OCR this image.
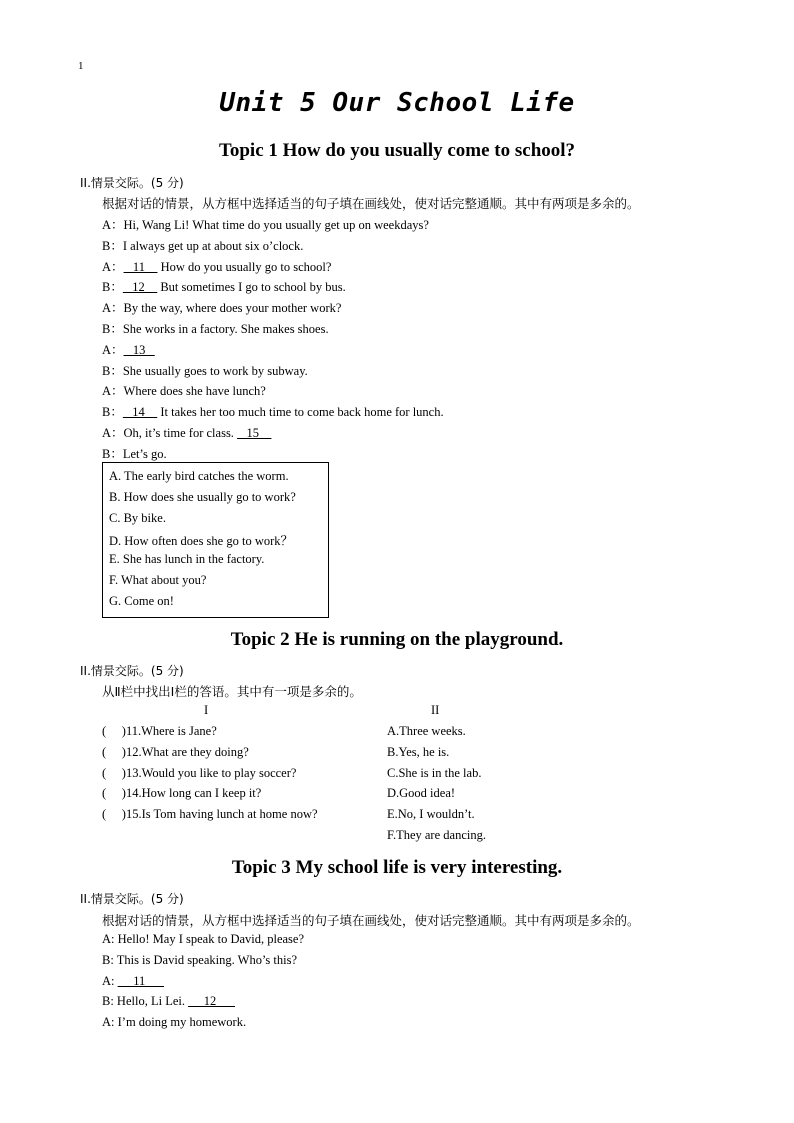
1
Unit 5 Our School Life
Topic 1 How do you usually come to school?
II.情景交际。(5 分)
根据对话的情景，从方框中选择适当的句子填在画线处，使对话完整通顺。其中有两项是多余的。
A：Hi, Wang Li! What time do you usually get up on weekdays?
B：I always get up at about six o’clock.
A：   11     How do you usually go to school?
B：   12     But sometimes I go to school by bus.
A：By the way, where does your mother work?
B：She works in a factory. She makes shoes.
A：   13
B：She usually goes to work by subway.
A：Where does she have lunch?
B：   14     It takes her too much time to come back home for lunch.
A：Oh, it’s time for class.    15
B：Let’s go.
A. The early bird catches the worm.
B. How does she usually go to work?
C. By bike.
D. How often does she go to work？
E. She has lunch in the factory.
F. What about you?
G. Come on!
Topic 2 He is running on the playground.
II.情景交际。(5 分)
从Ⅱ栏中找出Ⅰ栏的答语。其中有一项是多余的。
I	II
(     )11.Where is Jane?
(     )12.What are they doing?
(     )13.Would you like to play soccer?
(     )14.How long can I keep it?
(     )15.Is Tom having lunch at home now?
A.Three weeks.
B.Yes, he is.
C.She is in the lab.
D.Good idea!
E.No, I wouldn’t.
F.They are dancing.
Topic 3 My school life is very interesting.
II.情景交际。(5 分)
根据对话的情景，从方框中选择适当的句子填在画线处，使对话完整通顺。其中有两项是多余的。
A: Hello! May I speak to David, please?
B: This is David speaking. Who’s this?
A:      11
B: Hello, Li Lei.      12
A: I’m doing my homework.
